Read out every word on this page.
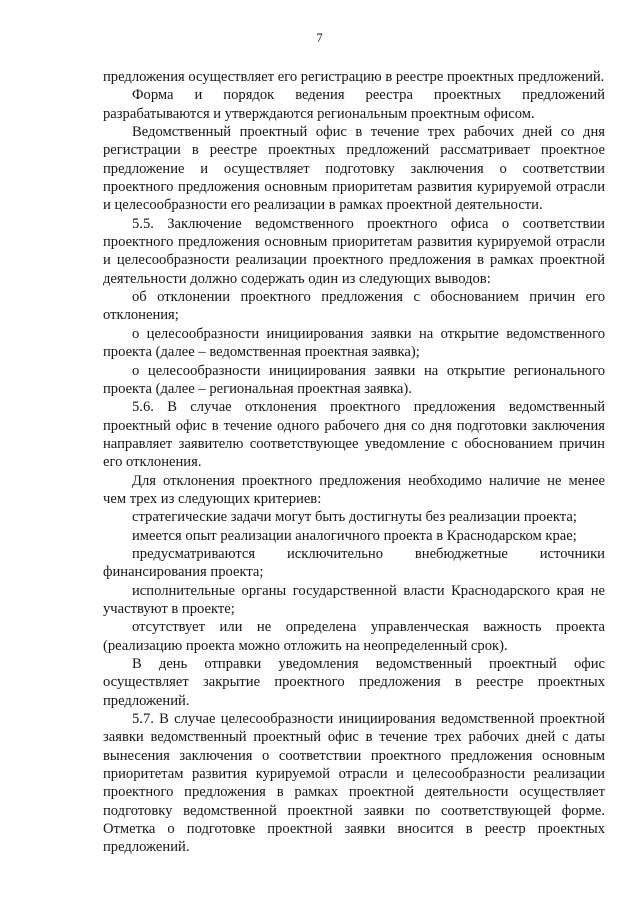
7

предложения осуществляет его регистрацию в реестре проектных предложений.

Форма и порядок ведения реестра проектных предложений разрабатываются и утверждаются региональным проектным офисом.

Ведомственный проектный офис в течение трех рабочих дней со дня регистрации в реестре проектных предложений рассматривает проектное предложение и осуществляет подготовку заключения о соответствии проектного предложения основным приоритетам развития курируемой отрасли и целесообразности его реализации в рамках проектной деятельности.

5.5. Заключение ведомственного проектного офиса о соответствии проектного предложения основным приоритетам развития курируемой отрасли и целесообразности реализации проектного предложения в рамках проектной деятельности должно содержать один из следующих выводов:

об отклонении проектного предложения с обоснованием причин его отклонения;

о целесообразности инициирования заявки на открытие ведомственного проекта (далее – ведомственная проектная заявка);

о целесообразности инициирования заявки на открытие регионального проекта (далее – региональная проектная заявка).

5.6. В случае отклонения проектного предложения ведомственный проектный офис в течение одного рабочего дня со дня подготовки заключения направляет заявителю соответствующее уведомление с обоснованием причин его отклонения.

Для отклонения проектного предложения необходимо наличие не менее чем трех из следующих критериев:

стратегические задачи могут быть достигнуты без реализации проекта;

имеется опыт реализации аналогичного проекта в Краснодарском крае;

предусматриваются исключительно внебюджетные источники финансирования проекта;

исполнительные органы государственной власти Краснодарского края не участвуют в проекте;

отсутствует или не определена управленческая важность проекта (реализацию проекта можно отложить на неопределенный срок).

В день отправки уведомления ведомственный проектный офис осуществляет закрытие проектного предложения в реестре проектных предложений.

5.7. В случае целесообразности инициирования ведомственной проектной заявки ведомственный проектный офис в течение трех рабочих дней с даты вынесения заключения о соответствии проектного предложения основным приоритетам развития курируемой отрасли и целесообразности реализации проектного предложения в рамках проектной деятельности осуществляет подготовку ведомственной проектной заявки по соответствующей форме. Отметка о подготовке проектной заявки вносится в реестр проектных предложений.
